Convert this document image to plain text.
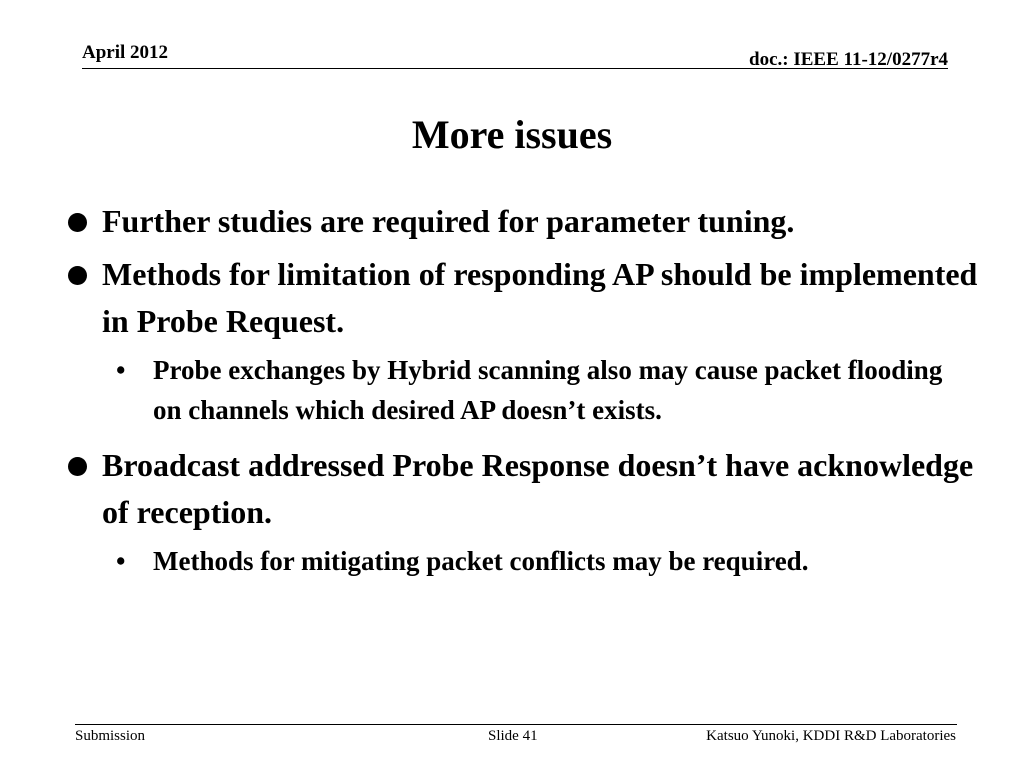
April 2012	doc.: IEEE 11-12/0277r4
More issues
Further studies are required for parameter tuning.
Methods for limitation of responding AP should be implemented in Probe Request.
• Probe exchanges by Hybrid scanning also may cause packet flooding on channels which desired AP doesn’t exists.
Broadcast addressed Probe Response doesn’t have acknowledge of reception.
• Methods for mitigating packet conflicts may be required.
Submission	Slide 41	Katsuo Yunoki, KDDI R&D Laboratories
